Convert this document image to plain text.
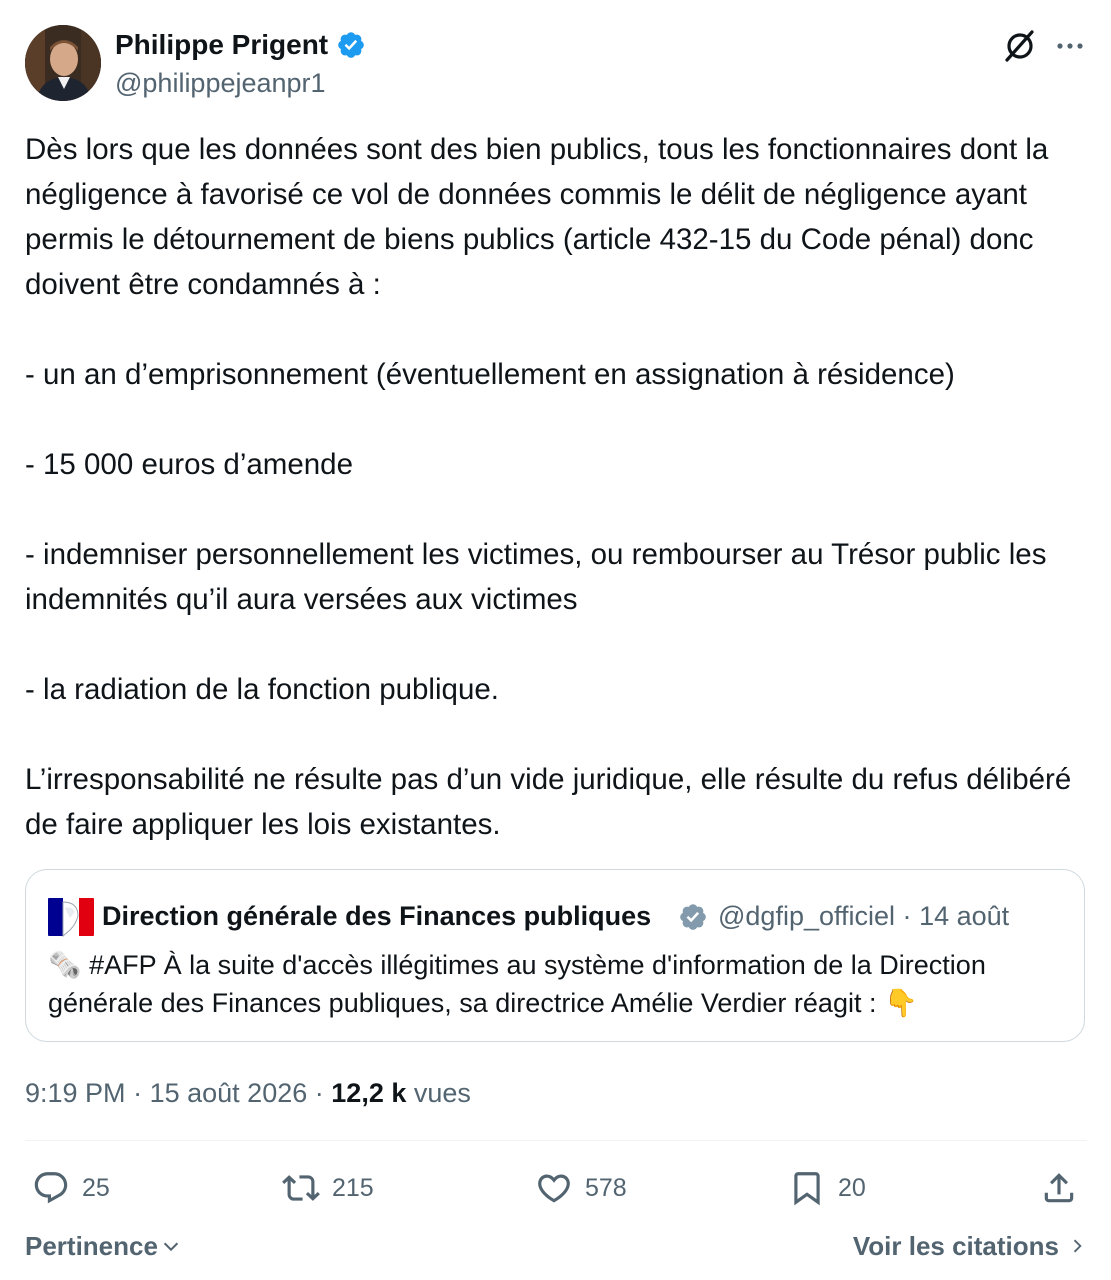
Philippe Prigent
@philippejeanpr1

Dès lors que les données sont des bien publics, tous les fonctionnaires dont la négligence à favorisé ce vol de données commis le délit de négligence ayant permis le détournement de biens publics (article 432-15 du Code pénal) donc doivent être condamnés à :

- un an d’emprisonnement (éventuellement en assignation à résidence)

- 15 000 euros d’amende

- indemniser personnellement les victimes, ou rembourser au Trésor public les indemnités qu’il aura versées aux victimes

- la radiation de la fonction publique.

L’irresponsabilité ne résulte pas d’un vide juridique, elle résulte du refus délibéré de faire appliquer les lois existantes.

Direction générale des Finances publiques @dgfip_officiel · 14 août
🗞️ #AFP À la suite d'accès illégitimes au système d'information de la Direction générale des Finances publiques, sa directrice Amélie Verdier réagit : 👇
9:19 PM · 15 août 2026 · 12,2 k vues
25	215	578	20
Pertinence	Voir les citations
